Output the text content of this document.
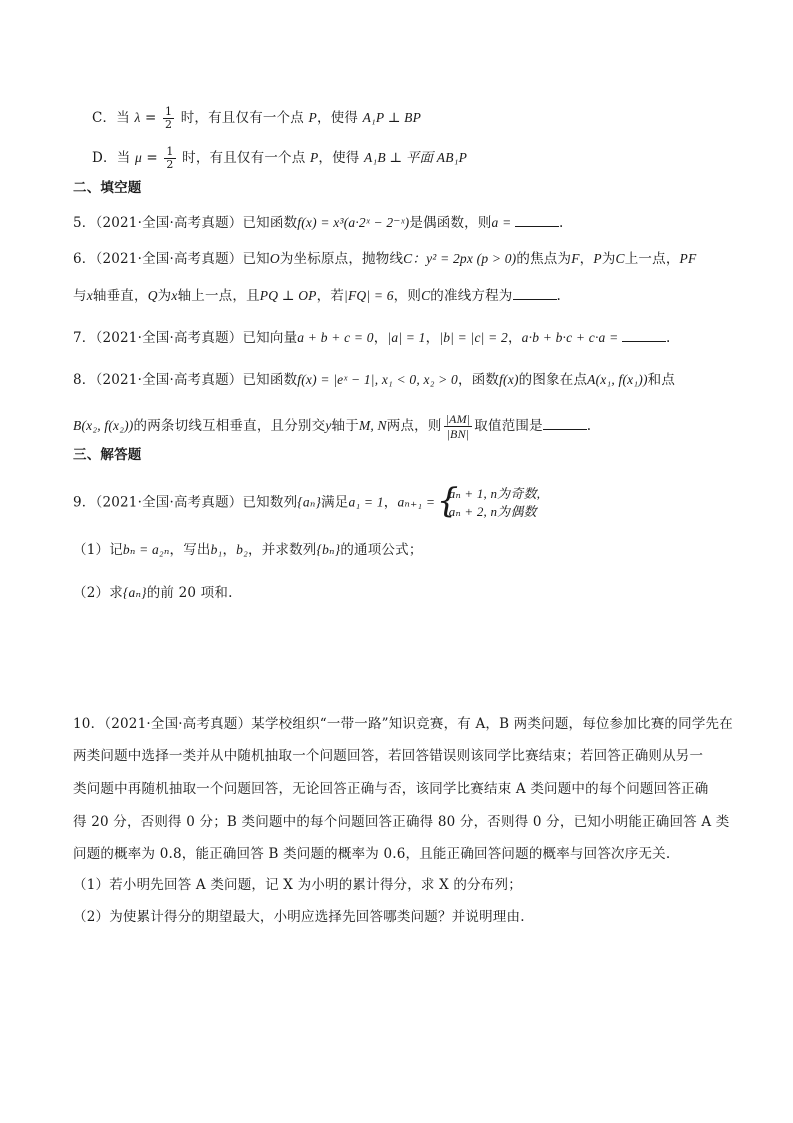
C．当 $\lambda = \frac{1}{2}$ 时，有且仅有一个点 P，使得 A₁P ⊥ BP
D．当 $\mu = \frac{1}{2}$ 时，有且仅有一个点 P，使得 A₁B ⊥ 平面 AB₁P
二、填空题
5．（2021·全国·高考真题）已知函数f(x) = x³(a·2ˣ − 2⁻ˣ)是偶函数，则a =	.
6．（2021·全国·高考真题）已知O为坐标原点，抛物线C：y² = 2px (p > 0)的焦点为F，P为C上一点，PF
与x轴垂直，Q为x轴上一点，且PQ ⊥ OP，若|FQ| = 6，则C的准线方程为	.
7．（2021·全国·高考真题）已知向量a + b + c = 0，|a| = 1，|b| = |c| = 2，a·b + b·c + c·a =	.
8．（2021·全国·高考真题）已知函数f(x) = |eˣ − 1|, x₁ < 0, x₂ > 0，函数f(x)的图象在点A(x₁, f(x₁))和点
B(x₂, f(x₂))的两条切线互相垂直，且分别交y轴于M, N两点，则 $\frac{|AM|}{|BN|}$ 取值范围是	.
三、解答题
9．（2021·全国·高考真题）已知数列{aₙ}满足a₁ = 1，aₙ₊₁ =
{ aₙ + 1, n为奇数,
aₙ + 2, n为偶数
（1）记bₙ = a₂ₙ，写出b₁，b₂，并求数列{bₙ}的通项公式；
（2）求{aₙ}的前 20 项和.
10．（2021·全国·高考真题）某学校组织“一带一路”知识竞赛，有 A，B 两类问题，每位参加比赛的同学先在
两类问题中选择一类并从中随机抽取一个问题回答，若回答错误则该同学比赛结束；若回答正确则从另一
类问题中再随机抽取一个问题回答，无论回答正确与否，该同学比赛结束 A 类问题中的每个问题回答正确
得 20 分，否则得 0 分；B 类问题中的每个问题回答正确得 80 分，否则得 0 分，已知小明能正确回答 A 类
问题的概率为 0.8，能正确回答 B 类问题的概率为 0.6，且能正确回答问题的概率与回答次序无关.
（1）若小明先回答 A 类问题，记 X 为小明的累计得分，求 X 的分布列；
（2）为使累计得分的期望最大，小明应选择先回答哪类问题？并说明理由.
